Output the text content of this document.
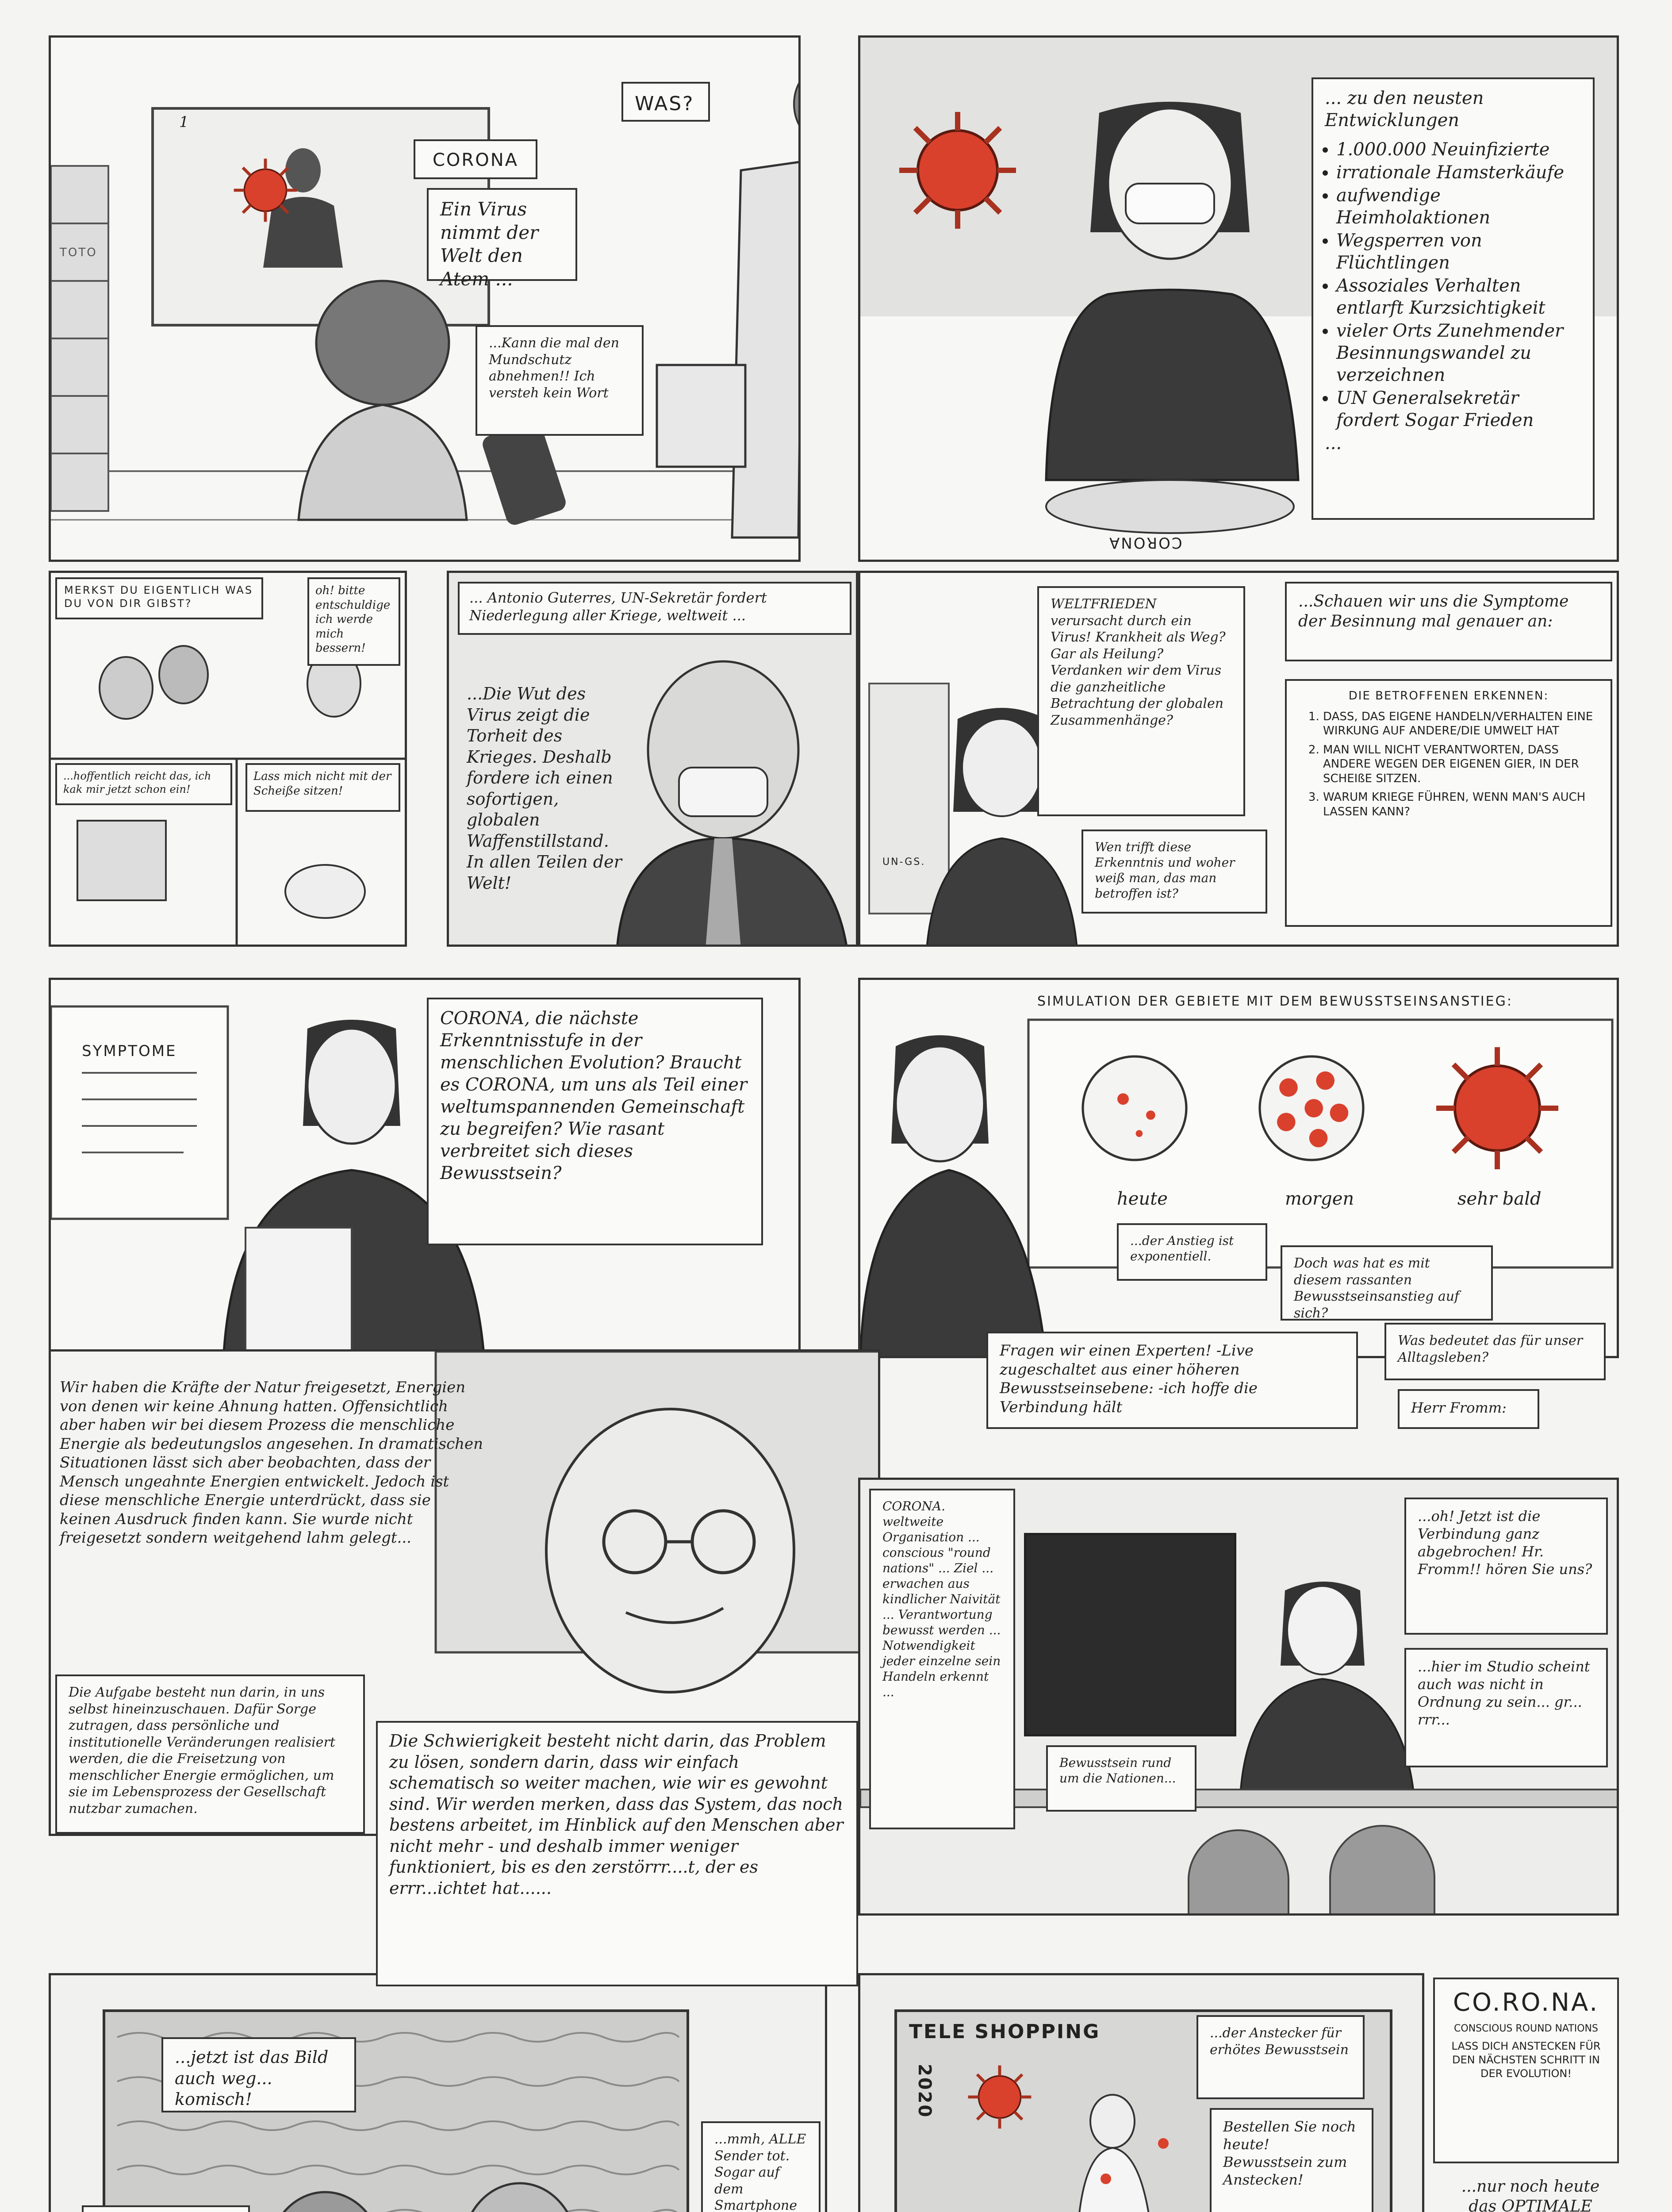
1
CORONA
Ein Virus nimmt der Welt den Atem ...
...Kann die mal den Mundschutz abnehmen!! Ich versteh kein Wort
WAS?
TOTO
... zu den neusten Entwicklungen
• 1.000.000 Neuinfizierte
• irrationale Hamsterkäufe
• aufwendige Heimholaktionen
• Wegsperren von Flüchtlingen
• Assoziales Verhalten entlarft Kurzsichtigkeit
• vieler Orts Zunehmender Besinnungswandel zu verzeichnen
• UN Generalsekretär fordert Sogar Frieden
...
CORONA
MERKST DU EIGENTLICH WAS DU VON DIR GIBST?
oh! bitte entschuldige ich werde mich bessern!
...hoffentlich reicht das, ich kak mir jetzt schon ein!
Lass mich nicht mit der Scheiße sitzen!
... Antonio Guterres, UN-Sekretär fordert Niederlegung aller Kriege, weltweit ...
...Die Wut des Virus zeigt die Torheit des Krieges. Deshalb fordere ich einen sofortigen, globalen Waffenstillstand. In allen Teilen der Welt!
WELTFRIEDEN verursacht durch ein Virus! Krankheit als Weg? Gar als Heilung? Verdanken wir dem Virus die ganzheitliche Betrachtung der globalen Zusammenhänge?
Wen trifft diese Erkenntnis und woher weiß man, das man betroffen ist?
...Schauen wir uns die Symptome der Besinnung mal genauer an:
DIE BETROFFENEN ERKENNEN:
1. DASS, DAS EIGENE HANDELN/VERHALTEN EINE WIRKUNG AUF ANDERE/DIE UMWELT HAT
2. MAN WILL NICHT VERANTWORTEN, DASS ANDERE WEGEN DER EIGENEN GIER, IN DER SCHEIßE SITZEN.
3. WARUM KRIEGE FÜHREN, WENN MAN'S AUCH LASSEN KANN?
UN-GS.
SYMPTOME
CORONA, die nächste Erkenntnisstufe in der menschlichen Evolution? Braucht es CORONA, um uns als Teil einer weltumspannenden Gemeinschaft zu begreifen? Wie rasant verbreitet sich dieses Bewusstsein?
SIMULATION DER GEBIETE MIT DEM BEWUSSTSEINSANSTIEG:
heute	morgen	sehr bald
...der Anstieg ist exponentiell.	Doch was hat es mit diesem rassanten Bewusstseinsanstieg auf sich?
Fragen wir einen Experten! -Live zugeschaltet aus einer höheren Bewusstseinsebene: -ich hoffe die Verbindung hält
Was bedeutet das für unser Alltagsleben?
Herr Fromm:
Wir haben die Kräfte der Natur freigesetzt, Energien von denen wir keine Ahnung hatten. Offensichtlich aber haben wir bei diesem Prozess die menschliche Energie als bedeutungslos angesehen. In dramatischen Situationen lässt sich aber beobachten, dass der Mensch ungeahnte Energien entwickelt. Jedoch ist diese menschliche Energie unterdrückt, dass sie keinen Ausdruck finden kann. Sie wurde nicht freigesetzt sondern weitgehend lahm gelegt...
Die Aufgabe besteht nun darin, in uns selbst hineinzuschauen. Dafür Sorge zutragen, dass persönliche und institutionelle Veränderungen realisiert werden, die die Freisetzung von menschlicher Energie ermöglichen, um sie im Lebensprozess der Gesellschaft nutzbar zumachen.
Die Schwierigkeit besteht nicht darin, das Problem zu lösen, sondern darin, dass wir einfach schematisch so weiter machen, wie wir es gewohnt sind. Wir werden merken, dass das System, das noch bestens arbeitet, im Hinblick auf den Menschen aber nicht mehr - und deshalb immer weniger funktioniert, bis es den zerstörrr....t, der es errr...ichtet hat......
CORONA. weltweite Organisation ... conscious "round nations" ... Ziel ... erwachen aus kindlicher Naivität ... Verantwortung bewusst werden ... Notwendigkeit jeder einzelne sein Handeln erkennt ...
Bewusstsein rund um die Nationen...
...oh! Jetzt ist die Verbindung ganz abgebrochen! Hr. Fromm!! hören Sie uns?
...hier im Studio scheint auch was nicht in Ordnung zu sein... gr... rrr...
...jetzt ist das Bild auch weg... komisch!
...mmh, ALLE Sender tot. Sogar auf dem Smartphone
TELE SHOPPING
2020
...der Anstecker für erhötes Bewusstsein
Bestellen Sie noch heute! Bewusstsein zum Anstecken!
CO.RO.NA.
CONSCIOUS ROUND NATIONS
LASS DICH ANSTECKEN FÜR DEN NÄCHSTEN SCHRITT IN DER EVOLUTION!
...nur noch heute das OPTIMALE
